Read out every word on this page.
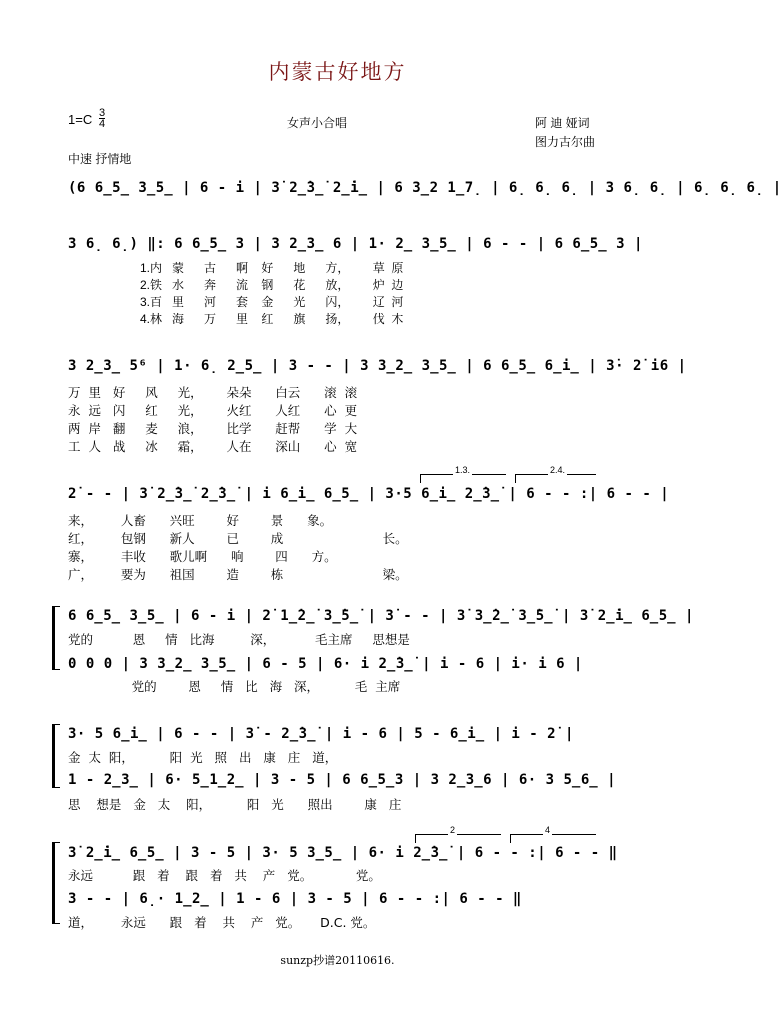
内蒙古好地方
$1=C \frac{3}{4}$	女声小合唱	阿 迪 娅词
图力古尔曲
中速 抒情地
(6 6̲5̲ 3̲5̲ | 6 - i | 3̇ 2̲̇3̲̇ 2̲̇i̲ | 6 3̲2 1̲7̣ | 6̣ 6̣ 6̣ | 3 6̣ 6̣ | 6̣ 6̣ 6̣ |
3 6̣ 6̣) ‖: 6 6̲5̲ 3 | 3 2̲3̲ 6 | 1· 2̲ 3̲5̲ | 6 - - | 6 6̲5̲ 3 |
1.内   蒙      古      啊    好      地      方，       草  原
2.铁   水      奔      流    钢      花      放，       炉  边
3.百   里      河      套    金      光      闪，       辽  河
4.林   海      万      里    红      旗      扬，       伐  木
3 2̲3̲ 5⁶ | 1· 6̣ 2̲5̲ | 3 - - | 3 3̲2̲ 3̲5̲ | 6 6̲5̲ 6̲i̲ | 3̇· 2̇ i6 |
万  里   好     风     光，      朵朵      白云      滚  滚
永  远   闪     红     光，      火红      人红      心  更
两  岸   翻     麦     浪，      比学      赶帮      学  大
工  人   战     冰     霜，      人在      深山      心  宽
1.3.	2.4.
2̇ - - | 3̇ 2̲̇3̲̇ 2̲̇3̲̇ | i 6̲i̲ 6̲5̲ | 3·5 6̲i̲ 2̲̇3̲̇ | 6 - - :| 6 - - |
来，       人畜      兴旺        好        景      象。
红，       包钢      新人        已        成                         长。
寨，       丰收      歌儿啊      响        四      方。
广，       要为      祖国        造        栋                         梁。
6 6̲5̲ 3̲5̲ | 6 - i | 2̇ 1̲̇2̲̇ 3̲̇5̲̇ | 3̇ - - | 3̇ 3̲̇2̲̇ 3̲̇5̲̇ | 3̇ 2̲̇i̲ 6̲5̲ |
党的          恩     情   比海         深，          毛主席     思想是
0 0 0 | 3 3̲2̲ 3̲5̲ | 6 - 5 | 6· i 2̲̇3̲̇ | i - 6 | i· i 6 |
党的        恩     情   比   海   深，         毛  主席
3· 5 6̲i̲ | 6 - - | 3̇ - 2̲̇3̲̇ | i - 6 | 5 - 6̲i̲ | i - 2̇ |
金  太  阳，         阳  光   照   出   康   庄   道，
1 - 2̲3̲ | 6· 5̲1̲2̲ | 3 - 5 | 6 6̲5̲3 | 3 2̲3̲6 | 6· 3 5̲6̲ |
思    想是   金   太    阳，         阳   光      照出        康   庄
2	4
3̇ 2̲̇i̲ 6̲5̲ | 3 - 5 | 3· 5 3̲5̲ | 6· i 2̲̇3̲̇ | 6 - - :| 6 - - ‖
永远          跟   着    跟   着   共    产   党。           党。
3 - - | 6̣· 1̲2̲ | 1 - 6 | 3 - 5 | 6 - - :| 6 - - ‖
道，       永远      跟   着    共    产   党。     D.C. 党。
sunzp抄谱20110616.
